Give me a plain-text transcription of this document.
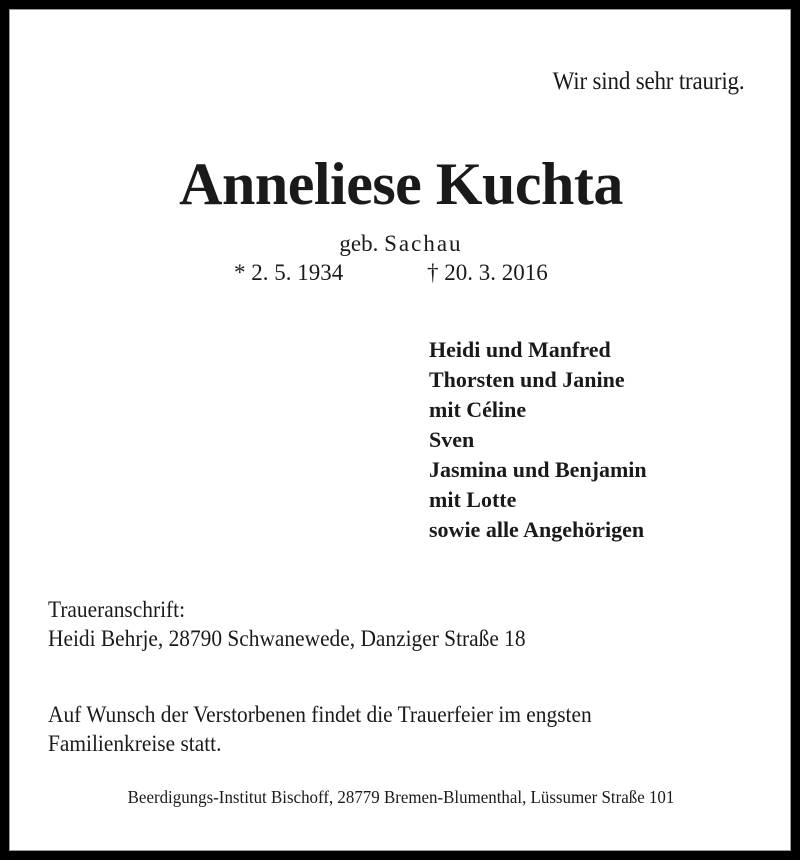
Wir sind sehr traurig.
Anneliese Kuchta
geb. Sachau
* 2. 5. 1934	† 20. 3. 2016
Heidi und Manfred
Thorsten und Janine
mit Céline
Sven
Jasmina und Benjamin
mit Lotte
sowie alle Angehörigen
Traueranschrift:
Heidi Behrje, 28790 Schwanewede, Danziger Straße 18
Auf Wunsch der Verstorbenen findet die Trauerfeier im engsten
Familienkreise statt.
Beerdigungs-Institut Bischoff, 28779 Bremen-Blumenthal, Lüssumer Straße 101
